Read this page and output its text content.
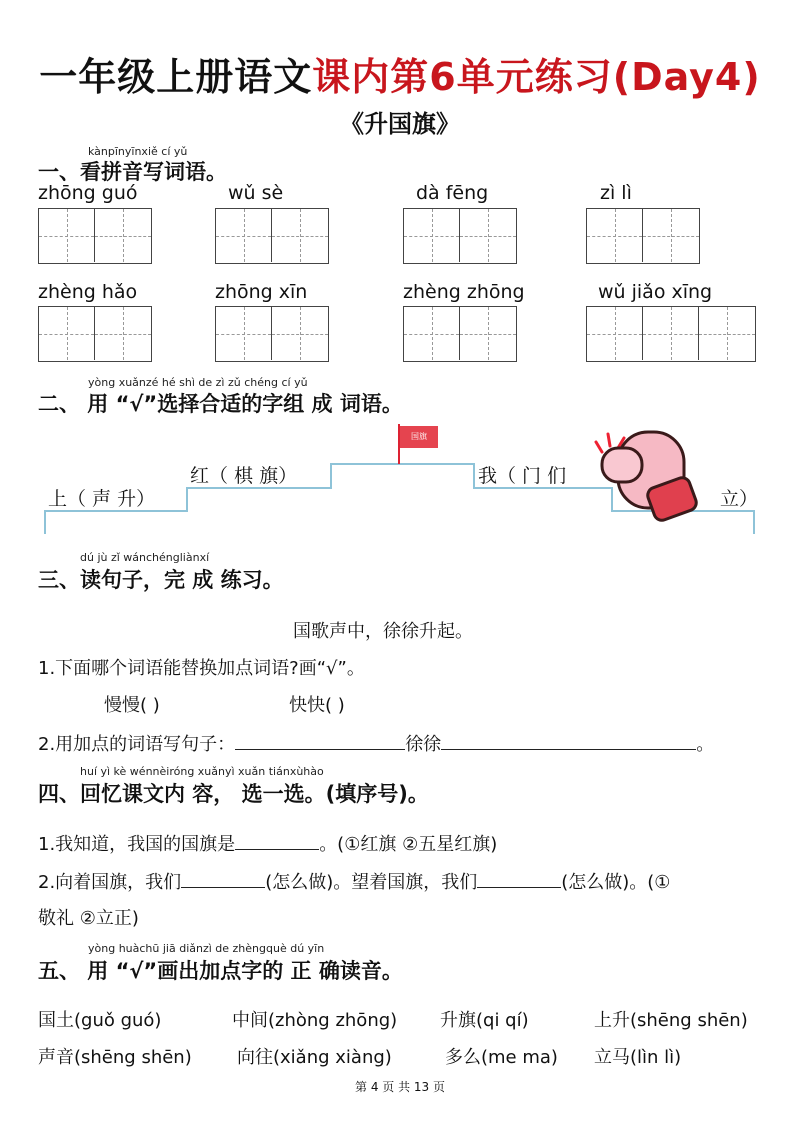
一年级上册语文课内第6单元练习(Day4)
《升国旗》
kànpīnyīnxiě cí yǔ
一、看拼音写词语。
zhōng guó	wǔ sè	dà fēng	zì lì
zhèng hǎo	zhōng xīn	zhèng zhōng	wǔ jiǎo xīng
yòng xuǎnzé hé shì de zì zǔ chéng cí yǔ
二、 用 “√”选择合适的字组 成 词语。
国旗
上（ 声 升）
红（ 棋 旗）	我（ 门 们
立）
dú jù zǐ wánchéngliànxí
三、读句子，完 成 练习。
国歌声中，徐徐升起。
1.下面哪个词语能替换加点词语?画“√”。
慢慢( )	快快( )
2.用加点的词语写句子：	徐徐	。
huí yì kè wénnèiróng xuǎnyì xuǎn tiánxùhào
四、回忆课文内 容， 选一选。(填序号)。
1.我知道，我国的国旗是	。(①红旗 ②五星红旗)
2.向着国旗，我们	(怎么做)。望着国旗，我们	(怎么做)。(①
敬礼 ②立正)
yòng huàchū jiā diǎnzì de zhèngquè dú yīn
五、 用 “√”画出加点字的 正 确读音。
国土(guǒ guó)	中间(zhòng zhōng) 升旗(qi qí)	上升(shēng shēn)
声音(shēng shēn)	向往(xiǎng xiàng)	多么(me ma) 立马(lìn lì)
第 4 页 共 13 页
